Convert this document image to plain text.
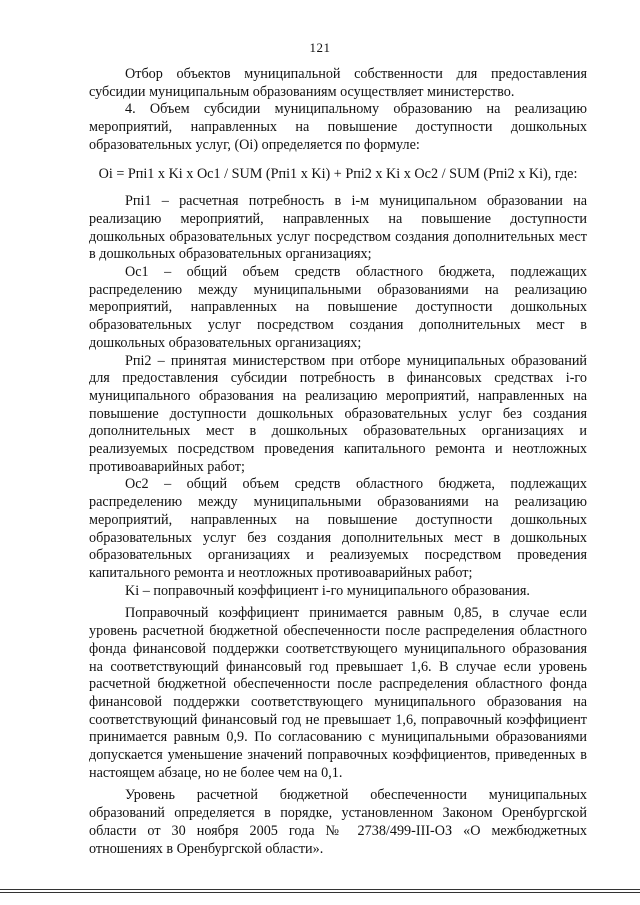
121

Отбор объектов муниципальной собственности для предоставления субсидии муниципальным образованиям осуществляет министерство.

4. Объем субсидии муниципальному образованию на реализацию мероприятий, направленных на повышение доступности дошкольных образовательных услуг, (Oi) определяется по формуле:

Oi = Pпi1 x Ki x Oc1 / SUM (Pпi1 x Ki) + Pпi2 x Ki x Oc2 / SUM (Pпi2 x Ki), где:

Pпi1 – расчетная потребность в i-м муниципальном образовании на реализацию мероприятий, направленных на повышение доступности дошкольных образовательных услуг посредством создания дополнительных мест в дошкольных образовательных организациях;

Oc1 – общий объем средств областного бюджета, подлежащих распределению между муниципальными образованиями на реализацию мероприятий, направленных на повышение доступности дошкольных образовательных услуг посредством создания дополнительных мест в дошкольных образовательных организациях;

Pпi2 – принятая министерством при отборе муниципальных образований для предоставления субсидии потребность в финансовых средствах i-го муниципального образования на реализацию мероприятий, направленных на повышение доступности дошкольных образовательных услуг без создания дополнительных мест в дошкольных образовательных организациях и реализуемых посредством проведения капитального ремонта и неотложных противоаварийных работ;

Oc2 – общий объем средств областного бюджета, подлежащих распределению между муниципальными образованиями на реализацию мероприятий, направленных на повышение доступности дошкольных образовательных услуг без создания дополнительных мест в дошкольных образовательных организациях и реализуемых посредством проведения капитального ремонта и неотложных противоаварийных работ;

Ki – поправочный коэффициент i-го муниципального образования.

Поправочный коэффициент принимается равным 0,85, в случае если уровень расчетной бюджетной обеспеченности после распределения областного фонда финансовой поддержки соответствующего муниципального образования на соответствующий финансовый год превышает 1,6. В случае если уровень расчетной бюджетной обеспеченности после распределения областного фонда финансовой поддержки соответствующего муниципального образования на соответствующий финансовый год не превышает 1,6, поправочный коэффициент принимается равным 0,9. По согласованию с муниципальными образованиями допускается уменьшение значений поправочных коэффициентов, приведенных в настоящем абзаце, но не более чем на 0,1.

Уровень расчетной бюджетной обеспеченности муниципальных образований определяется в порядке, установленном Законом Оренбургской области от 30 ноября 2005 года № 2738/499-III-ОЗ «О межбюджетных отношениях в Оренбургской области».
